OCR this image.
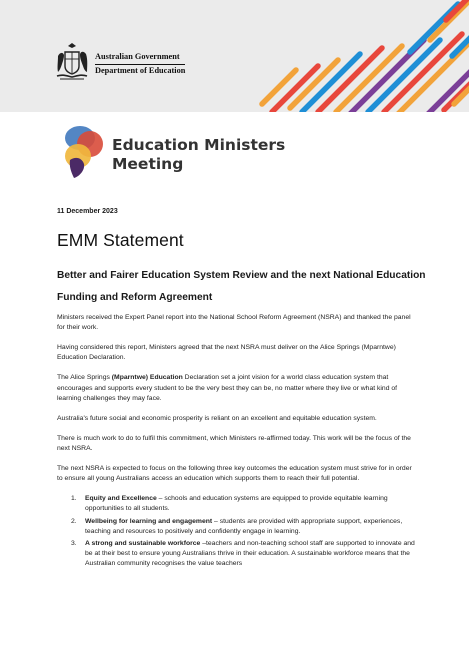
Australian Government
Department of Education
Education Ministers
Meeting
11 December 2023
EMM Statement
Better and Fairer Education System Review and the next National Education Funding and Reform Agreement

Ministers received the Expert Panel report into the National School Reform Agreement (NSRA) and thanked the panel for their work.

Having considered this report, Ministers agreed that the next NSRA must deliver on the Alice Springs (Mparntwe) Education Declaration.

The Alice Springs (Mparntwe) Education Declaration set a joint vision for a world class education system that encourages and supports every student to be the very best they can be, no matter where they live or what kind of learning challenges they may face.

Australia's future social and economic prosperity is reliant on an excellent and equitable education system.

There is much work to do to fulfil this commitment, which Ministers re-affirmed today. This work will be the focus of the next NSRA.

The next NSRA is expected to focus on the following three key outcomes the education system must strive for in order to ensure all young Australians access an education which supports them to reach their full potential.

1. Equity and Excellence – schools and education systems are equipped to provide equitable learning opportunities to all students.
2. Wellbeing for learning and engagement – students are provided with appropriate support, experiences, teaching and resources to positively and confidently engage in learning.
3. A strong and sustainable workforce –teachers and non-teaching school staff are supported to innovate and be at their best to ensure young Australians thrive in their education. A sustainable workforce means that the Australian community recognises the value teachers
